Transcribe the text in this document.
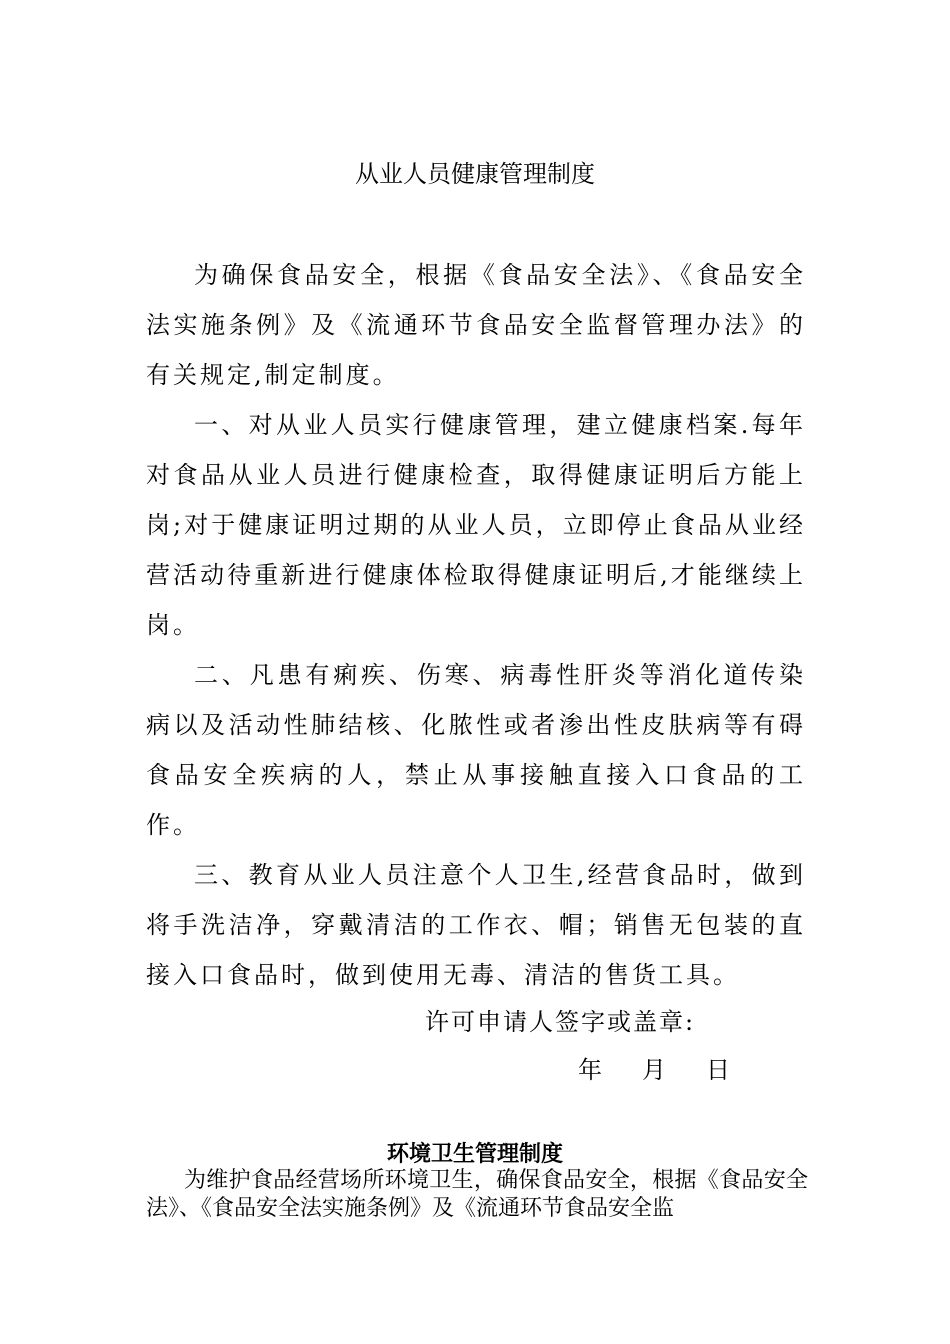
从业人员健康管理制度

为确保食品安全，根据《食品安全法》、《食品安全法实施条例》及《流通环节食品安全监督管理办法》的有关规定,制定制度。

一、对从业人员实行健康管理，建立健康档案.每年对食品从业人员进行健康检查，取得健康证明后方能上岗;对于健康证明过期的从业人员，立即停止食品从业经营活动待重新进行健康体检取得健康证明后,才能继续上岗。

二、凡患有痢疾、伤寒、病毒性肝炎等消化道传染病以及活动性肺结核、化脓性或者渗出性皮肤病等有碍食品安全疾病的人，禁止从事接触直接入口食品的工作。

三、教育从业人员注意个人卫生,经营食品时，做到将手洗洁净，穿戴清洁的工作衣、帽；销售无包装的直接入口食品时，做到使用无毒、清洁的售货工具。

许可申请人签字或盖章:
年 月 日
环境卫生管理制度

为维护食品经营场所环境卫生，确保食品安全，根据《食品安全法》、《食品安全法实施条例》及《流通环节食品安全监
